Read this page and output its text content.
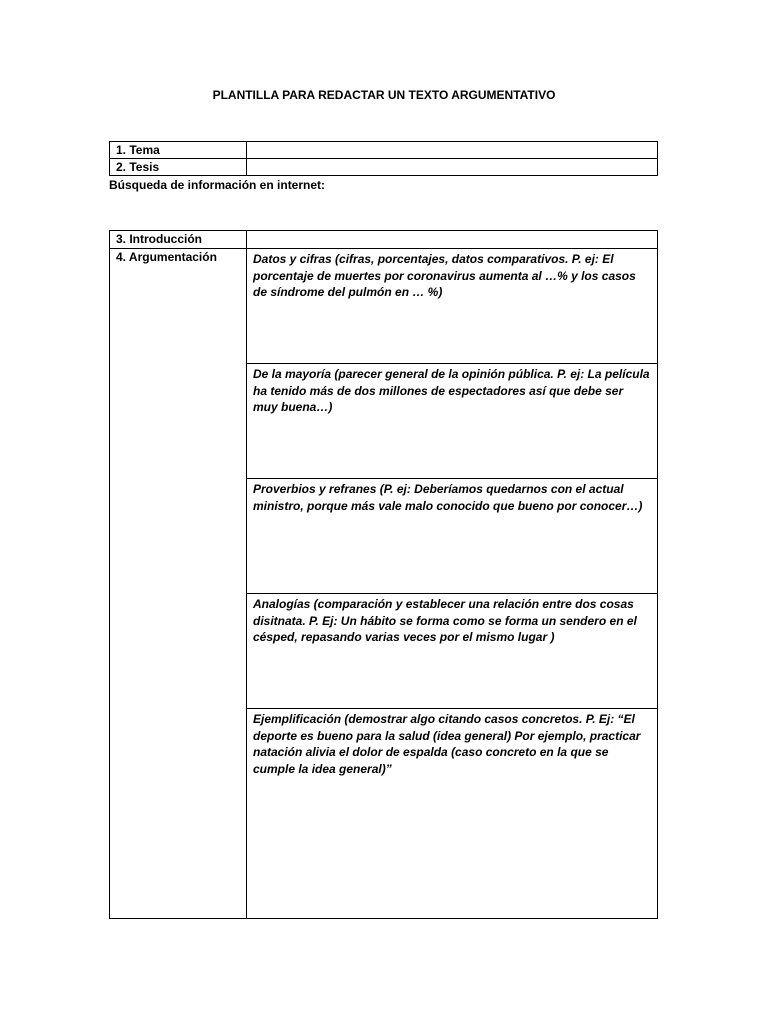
PLANTILLA PARA REDACTAR UN TEXTO ARGUMENTATIVO
1. Tema	
2. Tesis	
Búsqueda de información en internet:
3. Introducción	
4. Argumentación	Datos y cifras (cifras, porcentajes, datos comparativos. P. ej: El porcentaje de muertes por coronavirus aumenta al …% y los casos de síndrome del pulmón en … %)
	De la mayoría (parecer general de la opinión pública. P. ej: La película ha tenido más de dos millones de espectadores así que debe ser muy buena…)
	Proverbios y refranes (P. ej: Deberíamos quedarnos con el actual ministro, porque más vale malo conocido que bueno por conocer…)
	Analogías (comparación y establecer una relación entre dos cosas disitnata. P. Ej: Un hábito se forma como se forma un sendero en el césped, repasando varias veces por el mismo lugar )
	Ejemplificación (demostrar algo citando casos concretos. P. Ej: “El deporte es bueno para la salud (idea general) Por ejemplo, practicar natación alivia el dolor de espalda (caso concreto en la que se cumple la idea general)”
